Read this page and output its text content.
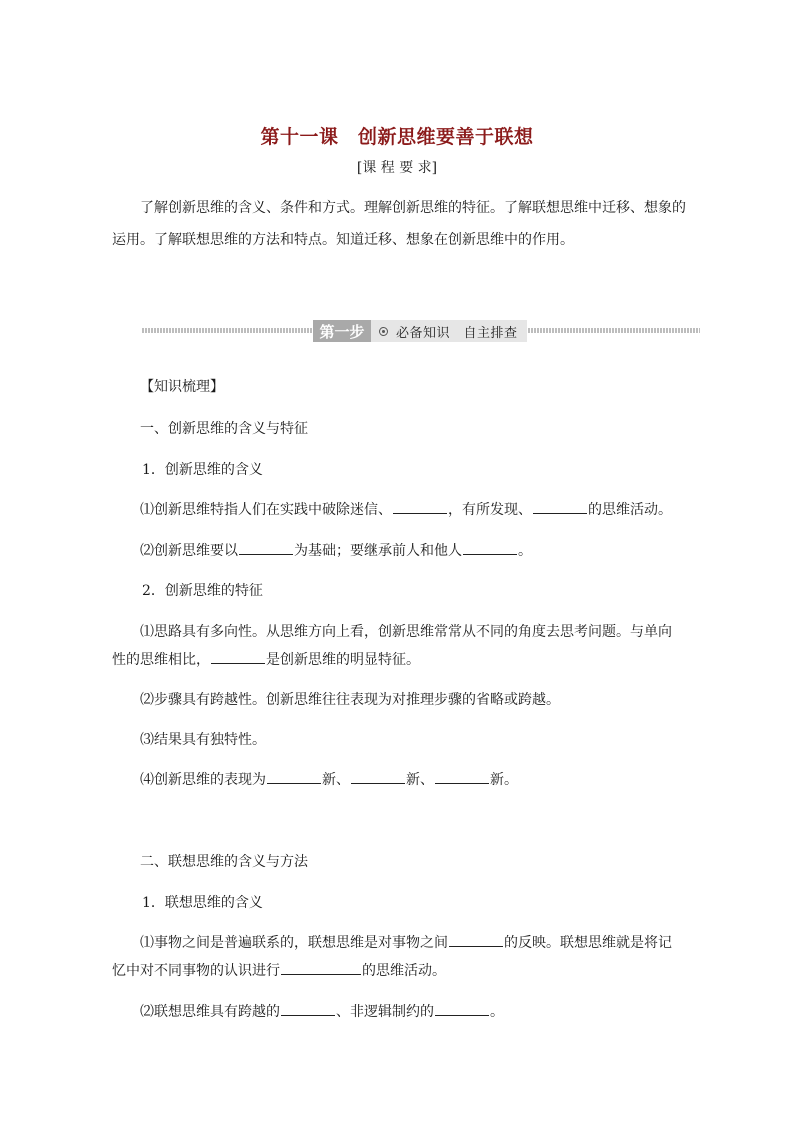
第十一课　创新思维要善于联想
[课 程 要 求]
了解创新思维的含义、条件和方式。理解创新思维的特征。了解联想思维中迁移、想象的运用。了解联想思维的方法和特点。知道迁移、想象在创新思维中的作用。
第一步	必备知识　自主排查
【知识梳理】
一、创新思维的含义与特征
1．创新思维的含义
⑴创新思维特指人们在实践中破除迷信、	，有所发现、	的思维活动。
⑵创新思维要以	为基础；要继承前人和他人	。
2．创新思维的特征
⑴思路具有多向性。从思维方向上看，创新思维常常从不同的角度去思考问题。与单向
性的思维相比，	是创新思维的明显特征。
⑵步骤具有跨越性。创新思维往往表现为对推理步骤的省略或跨越。
⑶结果具有独特性。
⑷创新思维的表现为	新、	新、	新。
二、联想思维的含义与方法
1．联想思维的含义
⑴事物之间是普遍联系的，联想思维是对事物之间	的反映。联想思维就是将记
忆中对不同事物的认识进行	的思维活动。
⑵联想思维具有跨越的	、非逻辑制约的	。
